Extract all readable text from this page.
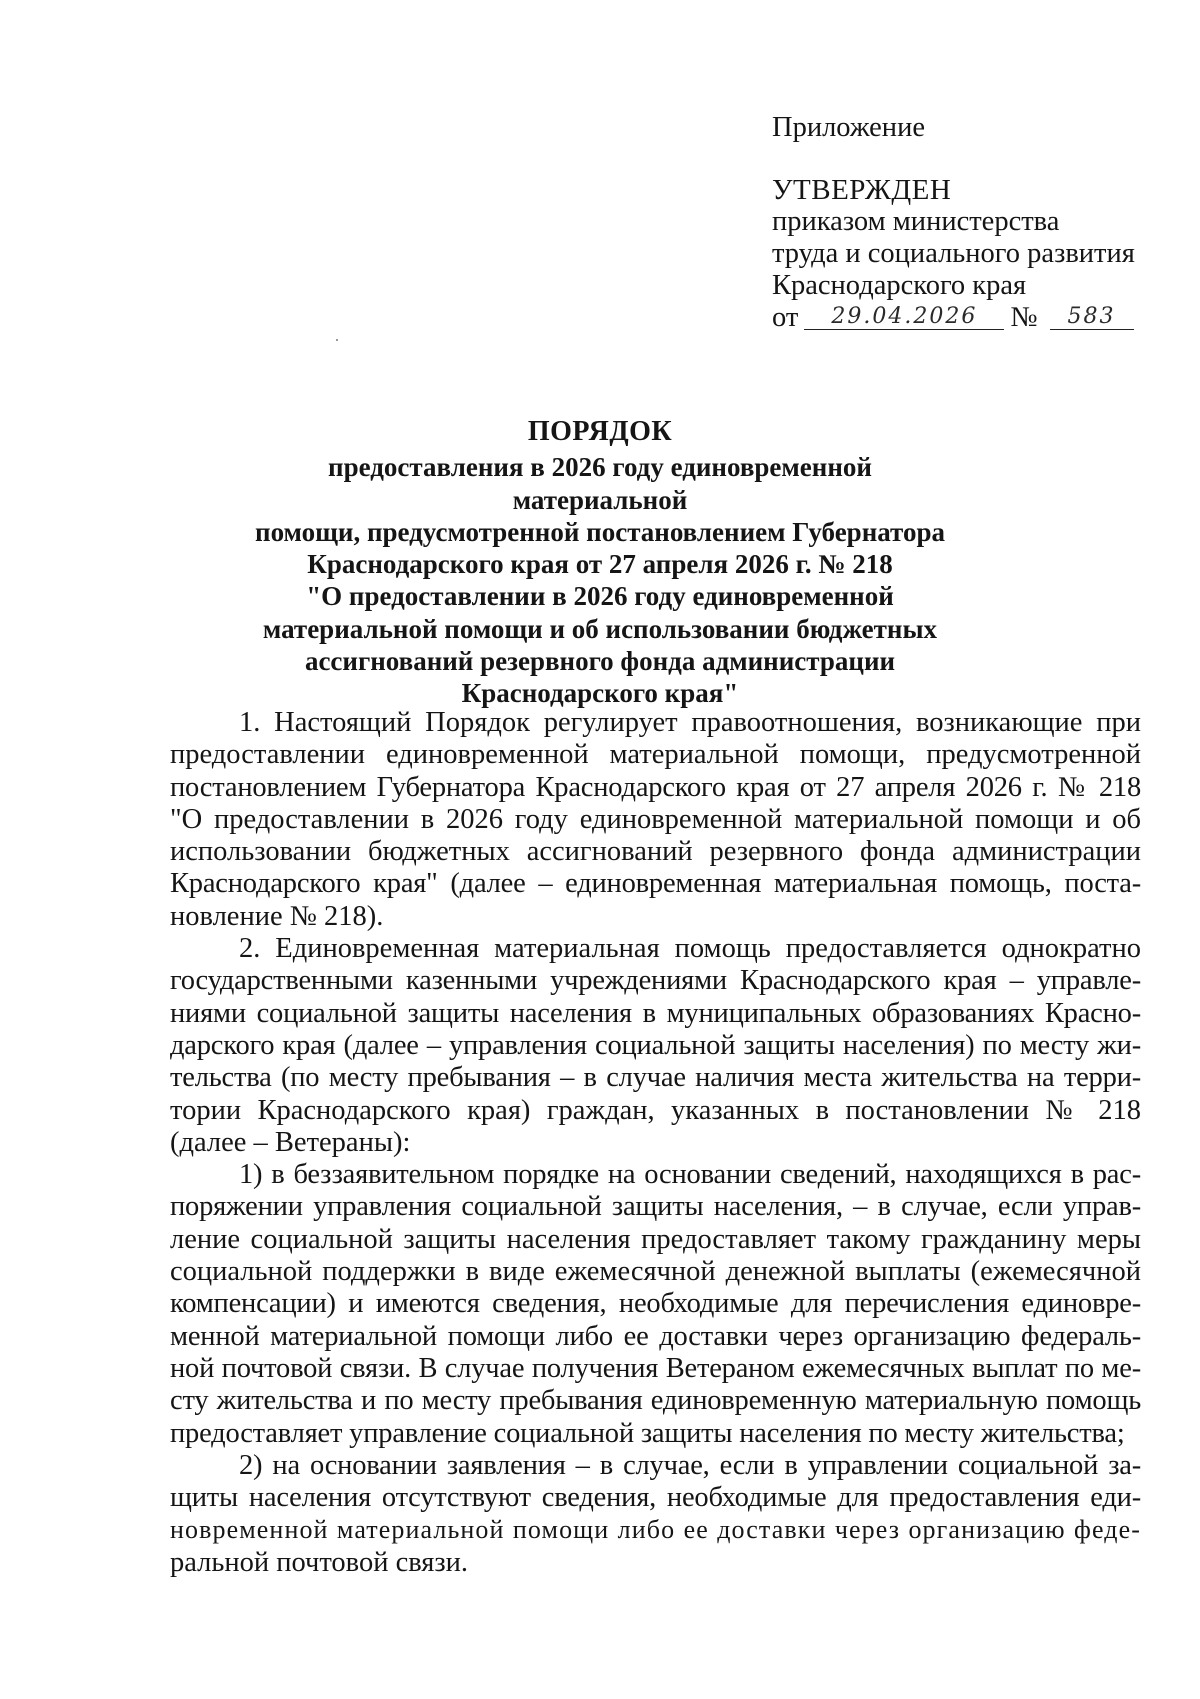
Приложение
УТВЕРЖДЕН
приказом министерства
труда и социального развития
Краснодарского края
от	29.04.2026	№	583
ПОРЯДОК
предоставления в 2026 году единовременной материальной
помощи, предусмотренной постановлением Губернатора
Краснодарского края от 27 апреля 2026 г. № 218
"О предоставлении в 2026 году единовременной
материальной помощи и об использовании бюджетных
ассигнований резервного фонда администрации
Краснодарского края"
1. Настоящий Порядок регулирует правоотношения, возникающие при
предоставлении единовременной материальной помощи, предусмотренной
постановлением Губернатора Краснодарского края от 27 апреля 2026 г. № 218
"О предоставлении в 2026 году единовременной материальной помощи и об
использовании бюджетных ассигнований резервного фонда администрации
Краснодарского края" (далее – единовременная материальная помощь, поста-
новление № 218).
2. Единовременная материальная помощь предоставляется однократно
государственными казенными учреждениями Краснодарского края – управле-
ниями социальной защиты населения в муниципальных образованиях Красно-
дарского края (далее – управления социальной защиты населения) по месту жи-
тельства (по месту пребывания – в случае наличия места жительства на терри-
тории Краснодарского края) граждан, указанных в постановлении № 218
(далее – Ветераны):
1) в беззаявительном порядке на основании сведений, находящихся в рас-
поряжении управления социальной защиты населения, – в случае, если управ-
ление социальной защиты населения предоставляет такому гражданину меры
социальной поддержки в виде ежемесячной денежной выплаты (ежемесячной
компенсации) и имеются сведения, необходимые для перечисления единовре-
менной материальной помощи либо ее доставки через организацию федераль-
ной почтовой связи. В случае получения Ветераном ежемесячных выплат по ме-
сту жительства и по месту пребывания единовременную материальную помощь
предоставляет управление социальной защиты населения по месту жительства;
2) на основании заявления – в случае, если в управлении социальной за-
щиты населения отсутствуют сведения, необходимые для предоставления еди-
новременной материальной помощи либо ее доставки через организацию феде-
ральной почтовой связи.
